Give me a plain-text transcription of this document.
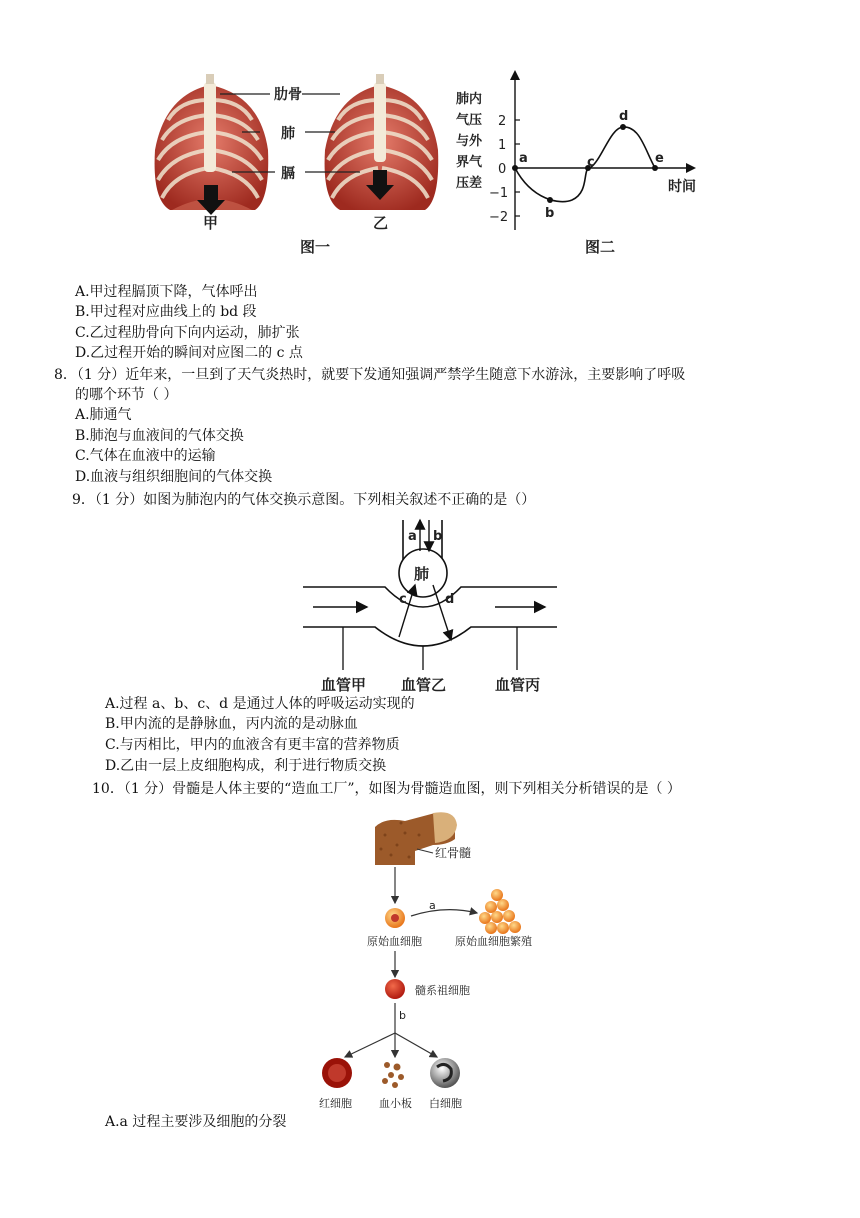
甲	乙
肋骨
肺
膈
图一
肺内
气压
与外
界气
压差
2
1
0
−1
−2
a
b
c
d
e
时间
图二
A.甲过程膈顶下降，气体呼出
B.甲过程对应曲线上的 bd 段
C.乙过程肋骨向下向内运动，肺扩张
D.乙过程开始的瞬间对应图二的 c 点
8．（1 分）近年来，一旦到了天气炎热时，就要下发通知强调严禁学生随意下水游泳，主要影响了呼吸
的哪个环节（ ）
A.肺通气
B.肺泡与血液间的气体交换
C.气体在血液中的运输
D.血液与组织细胞间的气体交换
9．（1 分）如图为肺泡内的气体交换示意图。下列相关叙述不正确的是（）
肺
a b
c	d
血管甲 血管乙	血管丙
A.过程 a、b、c、d 是通过人体的呼吸运动实现的
B.甲内流的是静脉血，丙内流的是动脉血
C.与丙相比，甲内的血液含有更丰富的营养物质
D.乙由一层上皮细胞构成，利于进行物质交换
10．（1 分）骨髓是人体主要的“造血工厂”，如图为骨髓造血图，则下列相关分析错误的是（ ）
红骨髓
原始血细胞
a
原始血细胞繁殖
髓系祖细胞
b
红细胞 血小板 白细胞
A.a 过程主要涉及细胞的分裂
